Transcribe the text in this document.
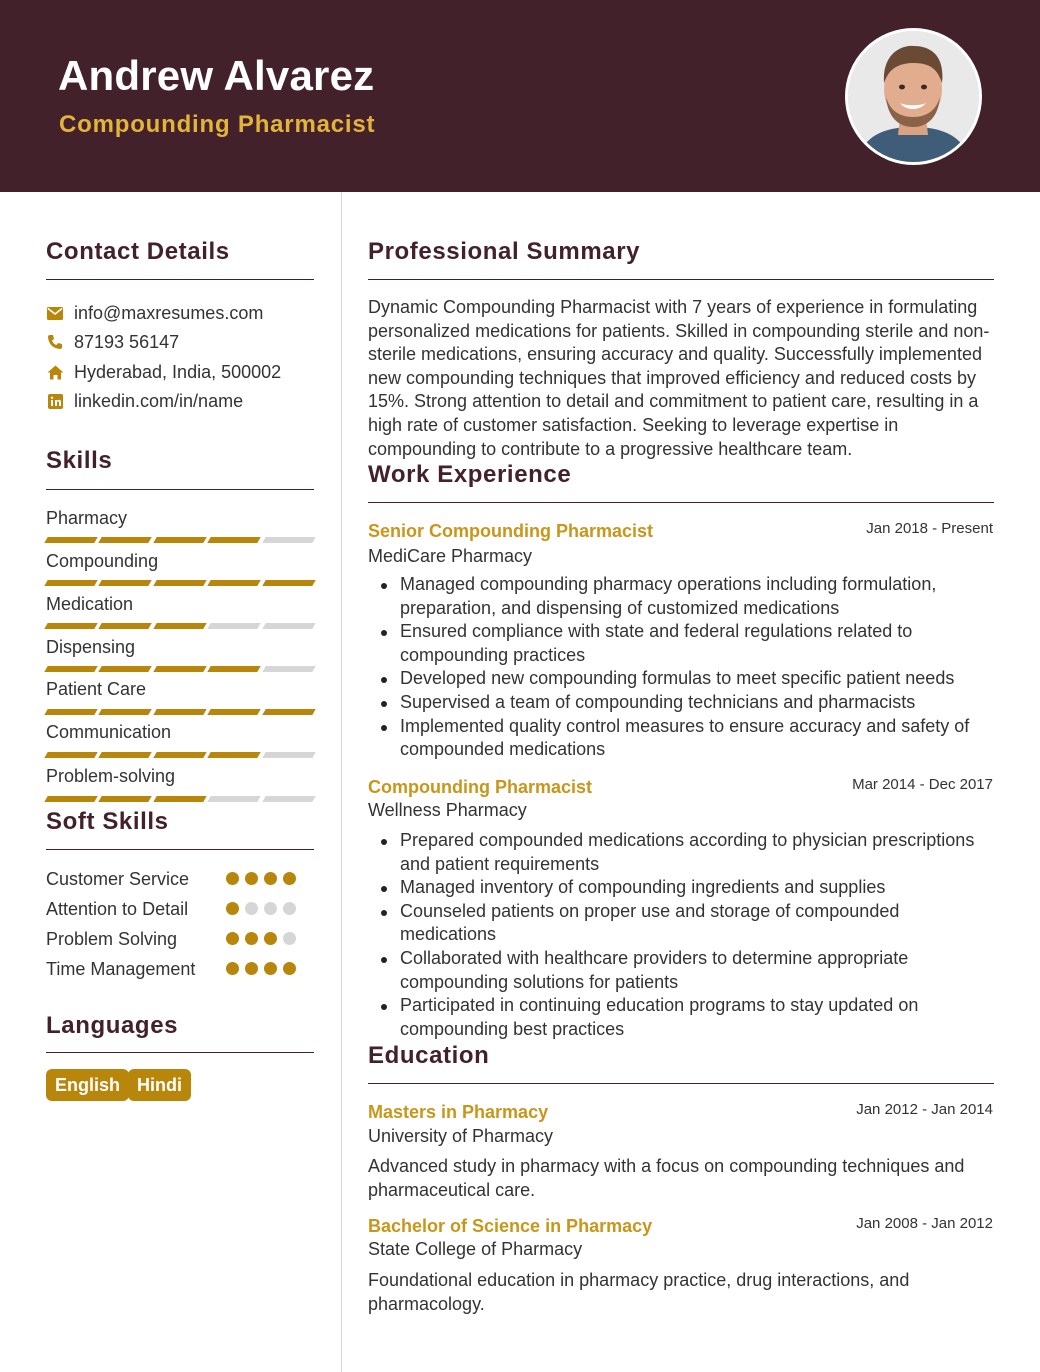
Andrew Alvarez
Compounding Pharmacist
Contact Details
info@maxresumes.com
87193 56147
Hyderabad, India, 500002
linkedin.com/in/name
Skills
Pharmacy
Compounding
Medication
Dispensing
Patient Care
Communication
Problem-solving
Soft Skills
Customer Service
Attention to Detail
Problem Solving
Time Management
Languages
English Hindi
Professional Summary
Dynamic Compounding Pharmacist with 7 years of experience in formulating personalized medications for patients. Skilled in compounding sterile and non-sterile medications, ensuring accuracy and quality. Successfully implemented new compounding techniques that improved efficiency and reduced costs by 15%. Strong attention to detail and commitment to patient care, resulting in a high rate of customer satisfaction. Seeking to leverage expertise in compounding to contribute to a progressive healthcare team.
Work Experience
Senior Compounding Pharmacist	Jan 2018 - Present
MediCare Pharmacy
Managed compounding pharmacy operations including formulation, preparation, and dispensing of customized medications
Ensured compliance with state and federal regulations related to compounding practices
Developed new compounding formulas to meet specific patient needs
Supervised a team of compounding technicians and pharmacists
Implemented quality control measures to ensure accuracy and safety of compounded medications
Compounding Pharmacist	Mar 2014 - Dec 2017
Wellness Pharmacy
Prepared compounded medications according to physician prescriptions and patient requirements
Managed inventory of compounding ingredients and supplies
Counseled patients on proper use and storage of compounded medications
Collaborated with healthcare providers to determine appropriate compounding solutions for patients
Participated in continuing education programs to stay updated on compounding best practices
Education
Masters in Pharmacy	Jan 2012 - Jan 2014
University of Pharmacy
Advanced study in pharmacy with a focus on compounding techniques and pharmaceutical care.
Bachelor of Science in Pharmacy	Jan 2008 - Jan 2012
State College of Pharmacy
Foundational education in pharmacy practice, drug interactions, and pharmacology.
